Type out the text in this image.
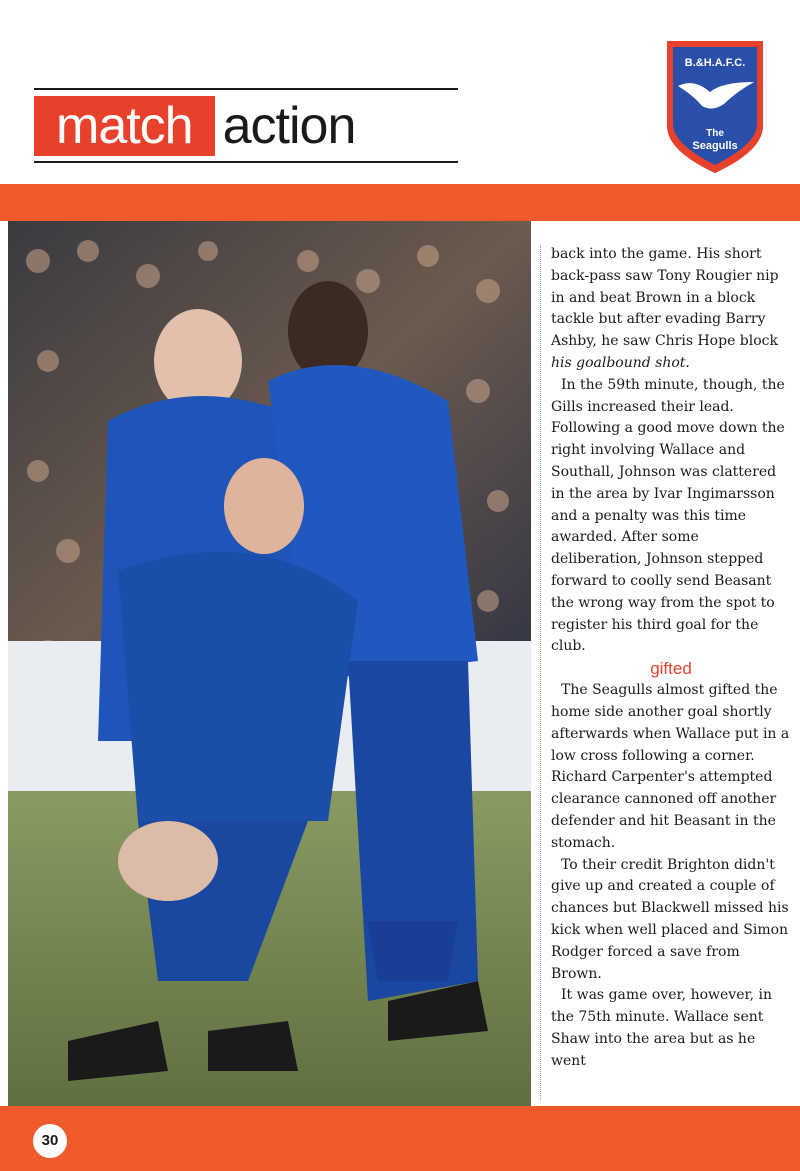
match action
B.&H.A.F.C.
The
Seagulls

back into the game. His short back-pass saw Tony Rougier nip in and beat Brown in a block tackle but after evading Barry Ashby, he saw Chris Hope block his goalbound shot.

In the 59th minute, though, the Gills increased their lead. Following a good move down the right involving Wallace and Southall, Johnson was clattered in the area by Ivar Ingimarsson and a penalty was this time awarded. After some deliberation, Johnson stepped forward to coolly send Beasant the wrong way from the spot to register his third goal for the club.

gifted

The Seagulls almost gifted the home side another goal shortly afterwards when Wallace put in a low cross following a corner. Richard Carpenter's attempted clearance cannoned off another defender and hit Beasant in the stomach.

To their credit Brighton didn't give up and created a couple of chances but Blackwell missed his kick when well placed and Simon Rodger forced a save from Brown.

It was game over, however, in the 75th minute. Wallace sent Shaw into the area but as he went

30
